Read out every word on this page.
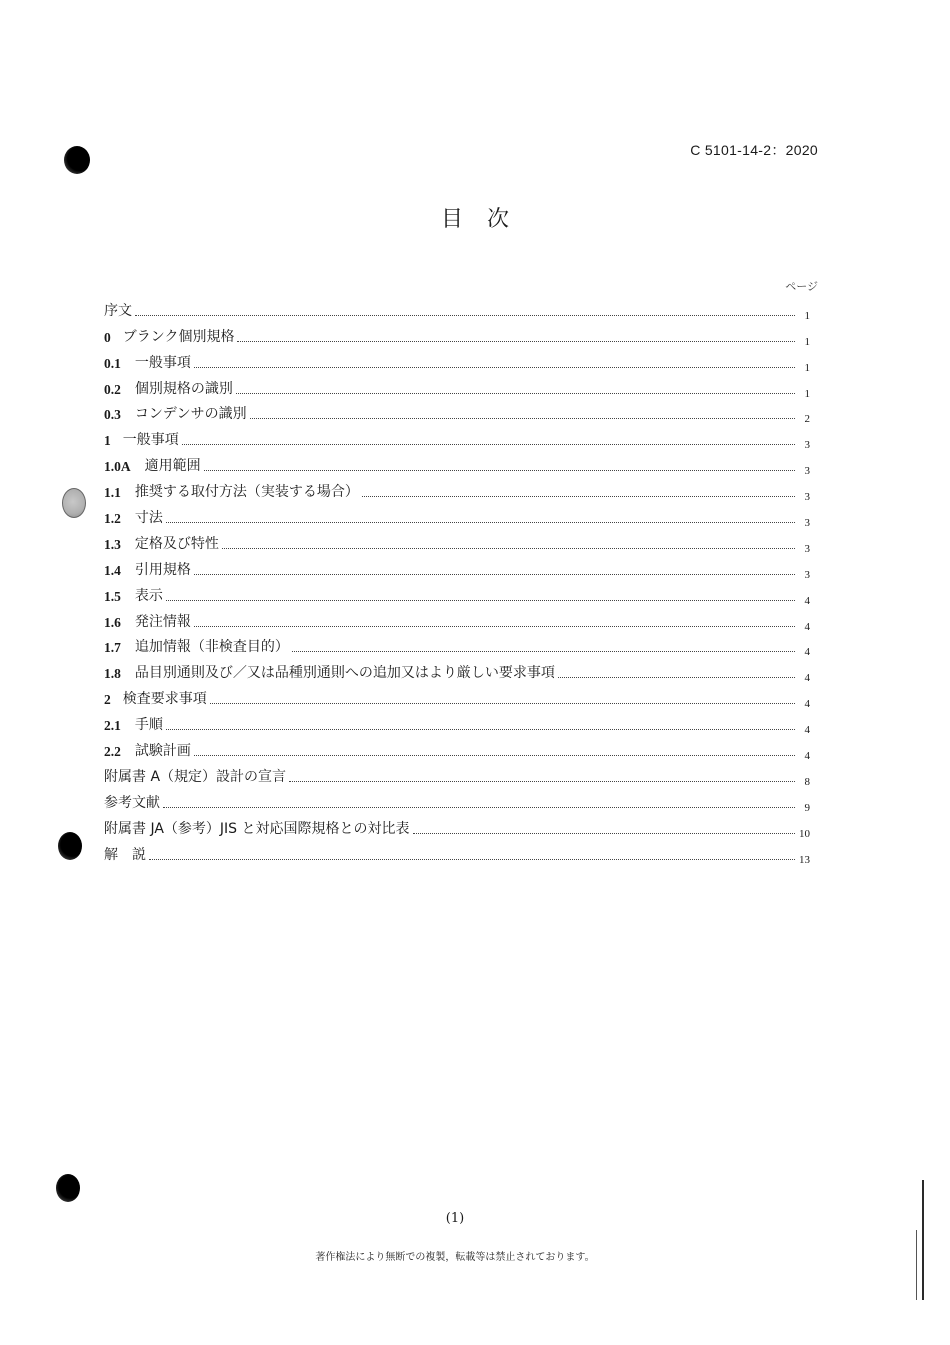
C 5101-14-2：2020
目次
ページ
序文	1
0 ブランク個別規格	1
0.1 一般事項	1
0.2 個別規格の識別	1
0.3 コンデンサの識別	2
1 一般事項	3
1.0A 適用範囲	3
1.1 推奨する取付方法（実装する場合）	3
1.2 寸法	3
1.3 定格及び特性	3
1.4 引用規格	3
1.5 表示	4
1.6 発注情報	4
1.7 追加情報（非検査目的）	4
1.8 品目別通則及び／又は品種別通則への追加又はより厳しい要求事項	4
2 検査要求事項	4
2.1 手順	4
2.2 試験計画	4
附属書 A（規定）設計の宣言	8
参考文献	9
附属書 JA（参考）JIS と対応国際規格との対比表	10
解　説	13
(1)
著作権法により無断での複製，転載等は禁止されております。
